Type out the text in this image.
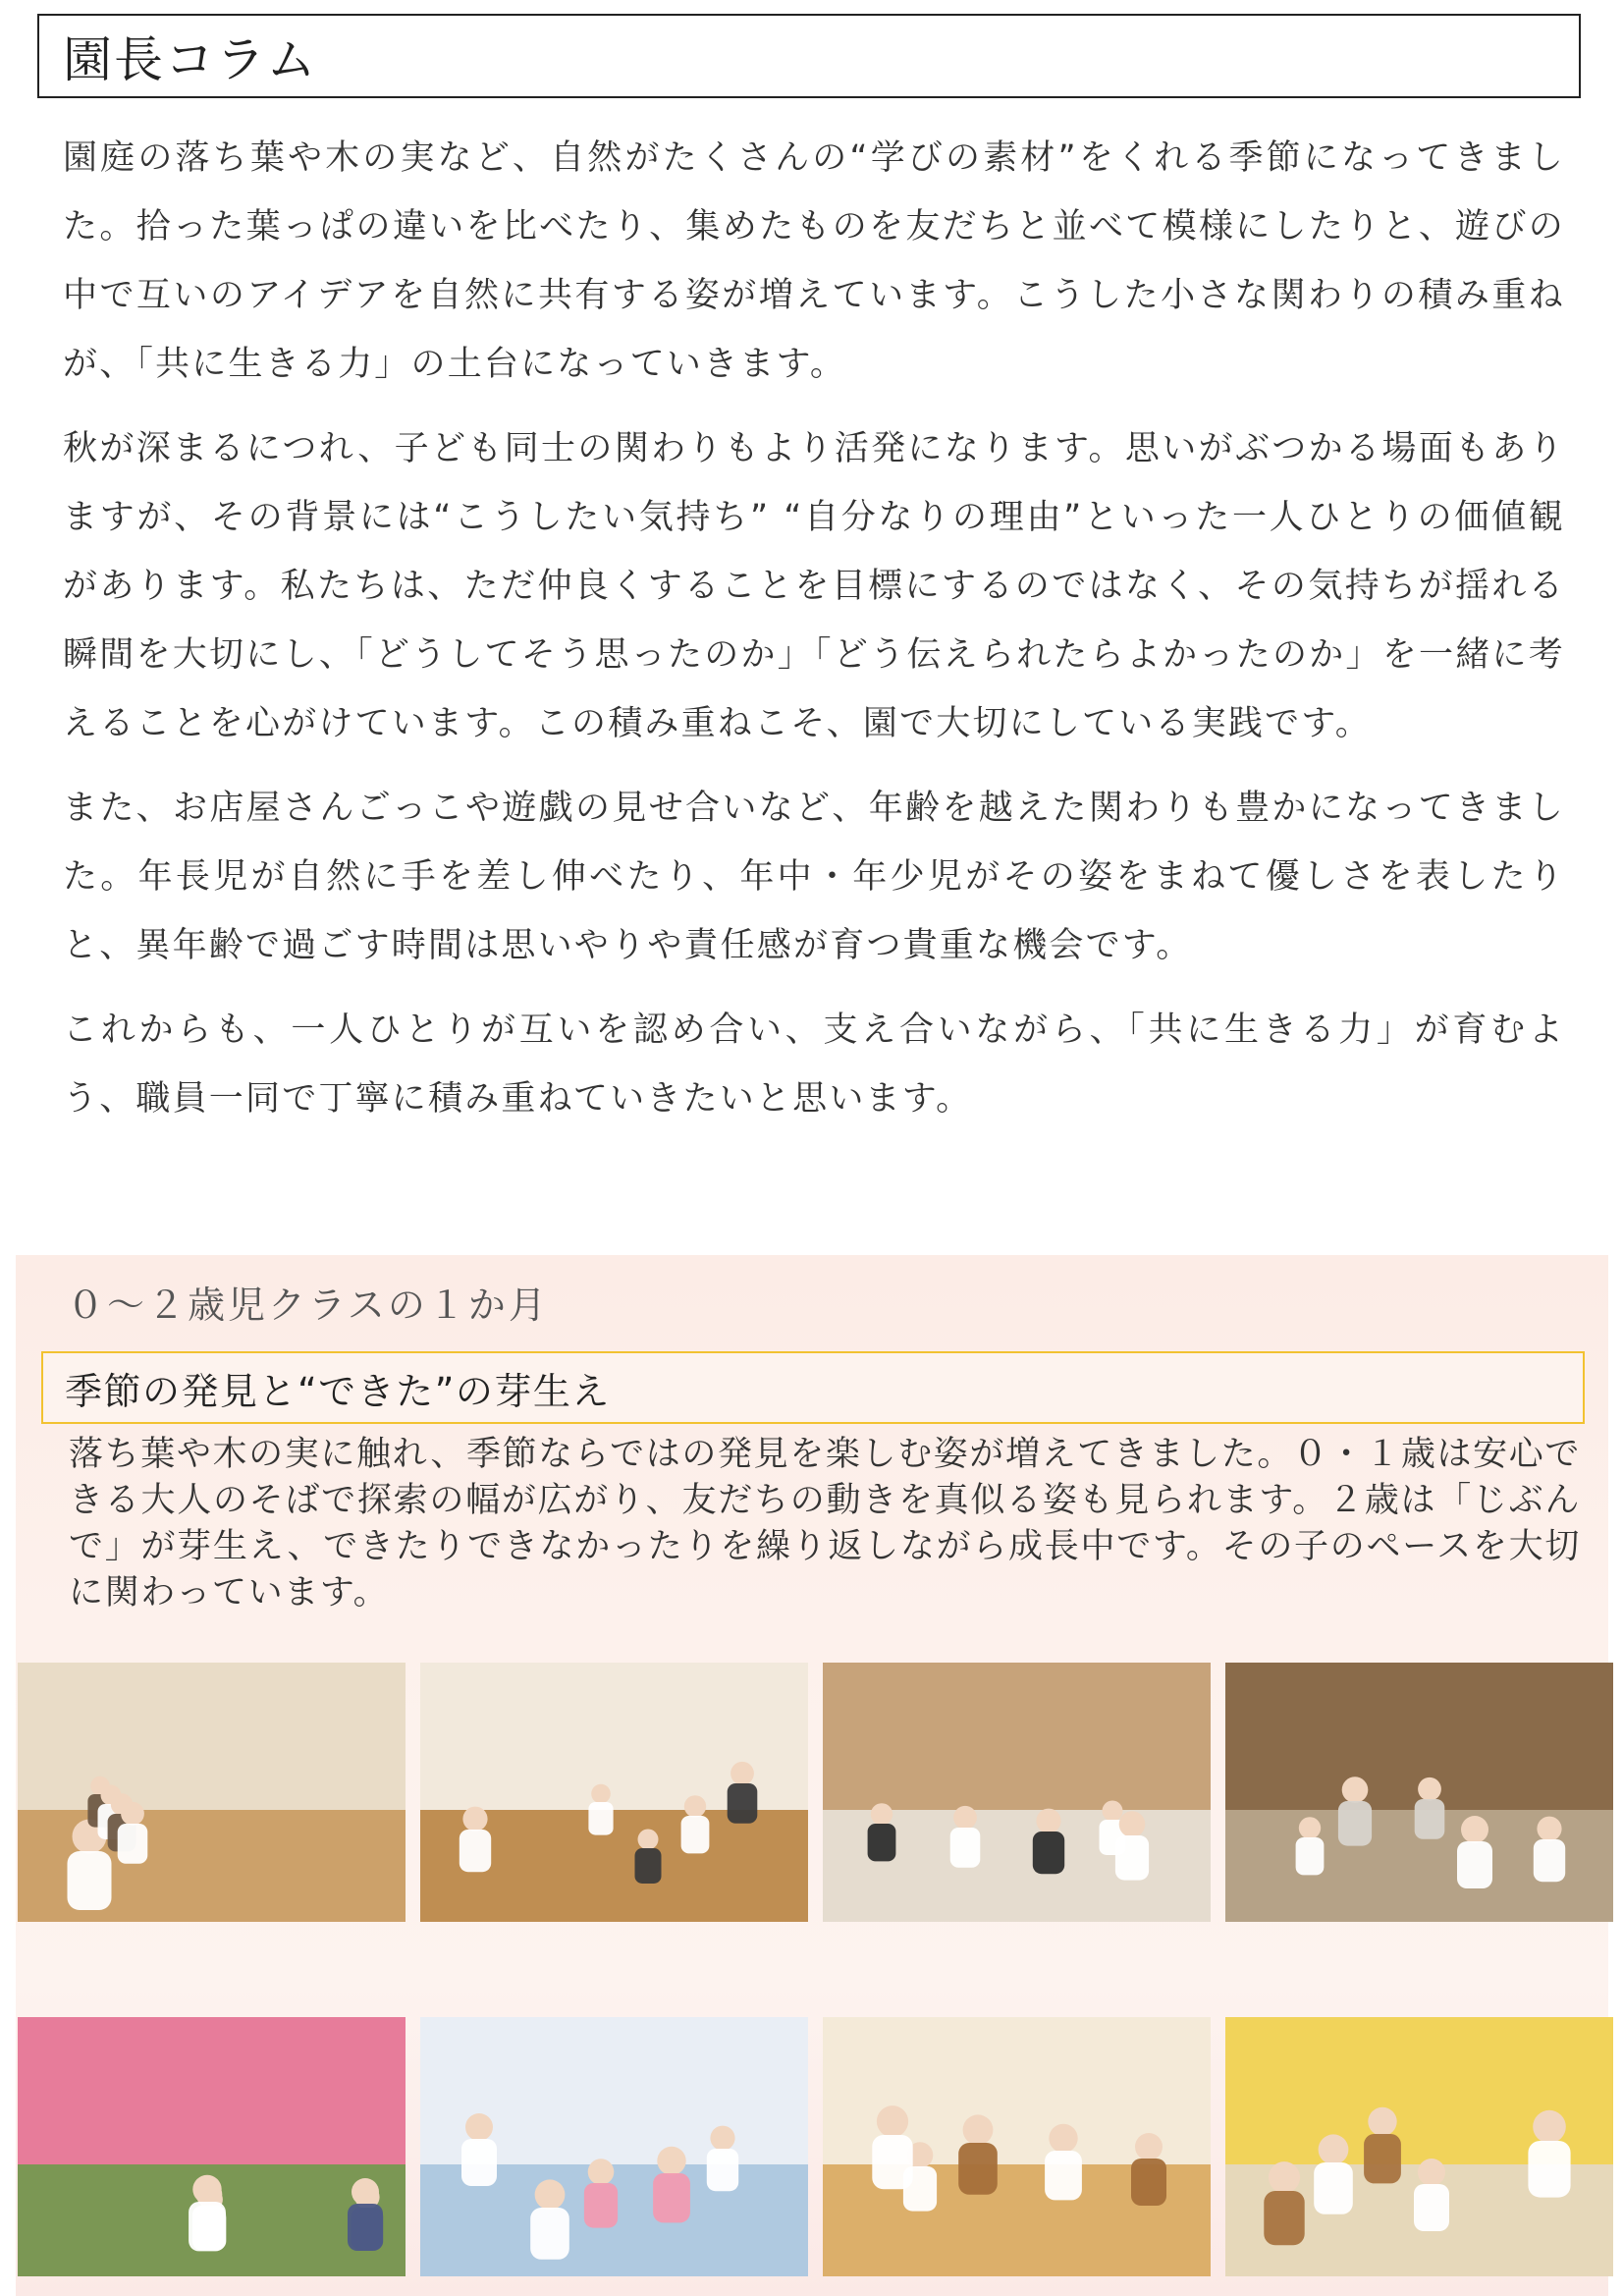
園長コラム

園庭の落ち葉や木の実など、自然がたくさんの“学びの素材”をくれる季節になってきました。拾った葉っぱの違いを比べたり、集めたものを友だちと並べて模様にしたりと、遊びの中で互いのアイデアを自然に共有する姿が増えています。こうした小さな関わりの積み重ねが、「共に生きる力」の土台になっていきます。

秋が深まるにつれ、子ども同士の関わりもより活発になります。思いがぶつかる場面もありますが、その背景には“こうしたい気持ち” “自分なりの理由”といった一人ひとりの価値観があります。私たちは、ただ仲良くすることを目標にするのではなく、その気持ちが揺れる瞬間を大切にし、「どうしてそう思ったのか」「どう伝えられたらよかったのか」を一緒に考えることを心がけています。この積み重ねこそ、園で大切にしている実践です。

また、お店屋さんごっこや遊戯の見せ合いなど、年齢を越えた関わりも豊かになってきました。年長児が自然に手を差し伸べたり、年中・年少児がその姿をまねて優しさを表したりと、異年齢で過ごす時間は思いやりや責任感が育つ貴重な機会です。

これからも、一人ひとりが互いを認め合い、支え合いながら、「共に生きる力」が育むよう、職員一同で丁寧に積み重ねていきたいと思います。

０～２歳児クラスの１か月
季節の発見と“できた”の芽生え

落ち葉や木の実に触れ、季節ならではの発見を楽しむ姿が増えてきました。０・１歳は安心できる大人のそばで探索の幅が広がり、友だちの動きを真似る姿も見られます。２歳は「じぶんで」が芽生え、できたりできなかったりを繰り返しながら成長中です。その子のペースを大切に関わっています。
